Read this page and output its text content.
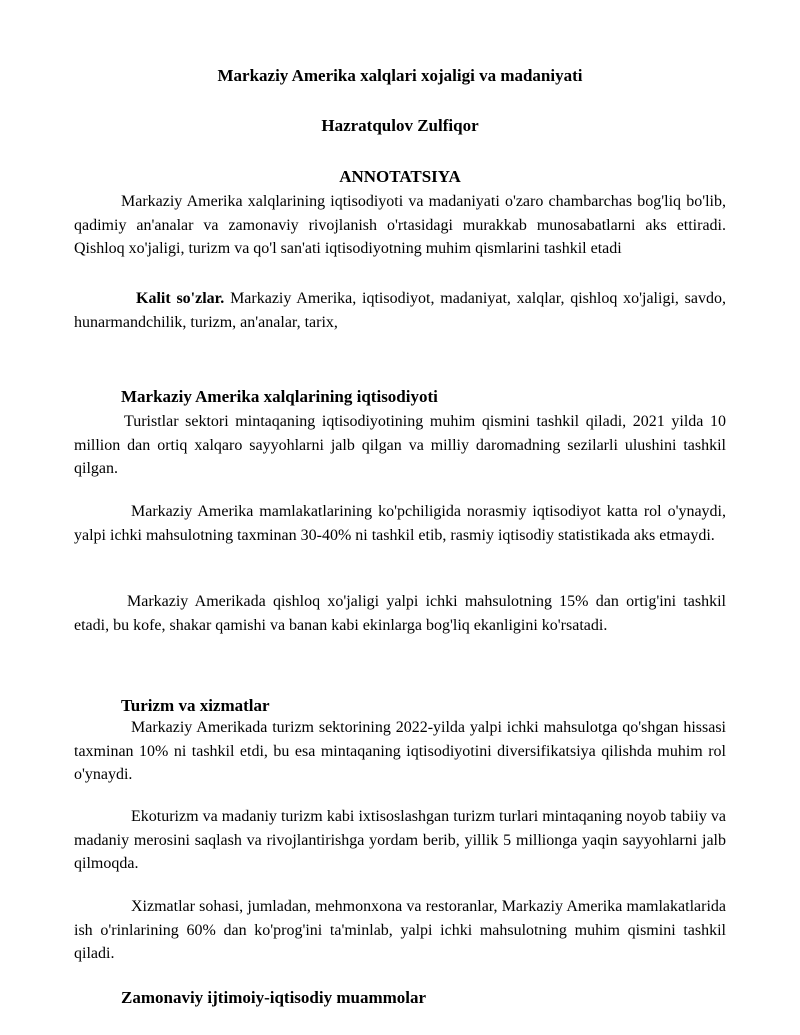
Markaziy Amerika xalqlari xojaligi va madaniyati
Hazratqulov Zulfiqor
ANNOTATSIYA
Markaziy Amerika xalqlarining iqtisodiyoti va madaniyati o'zaro chambarchas bog'liq bo'lib, qadimiy an'analar va zamonaviy rivojlanish o'rtasidagi murakkab munosabatlarni aks ettiradi. Qishloq xo'jaligi, turizm va qo'l san'ati iqtisodiyotning muhim qismlarini tashkil etadi
Kalit so'zlar. Markaziy Amerika, iqtisodiyot, madaniyat, xalqlar, qishloq xo'jaligi, savdo, hunarmandchilik, turizm, an'analar, tarix,
Markaziy Amerika xalqlarining iqtisodiyoti
Turistlar sektori mintaqaning iqtisodiyotining muhim qismini tashkil qiladi, 2021 yilda 10 million dan ortiq xalqaro sayyohlarni jalb qilgan va milliy daromadning sezilarli ulushini tashkil qilgan.
Markaziy Amerika mamlakatlarining ko'pchiligida norasmiy iqtisodiyot katta rol o'ynaydi, yalpi ichki mahsulotning taxminan 30-40% ni tashkil etib, rasmiy iqtisodiy statistikada aks etmaydi.
Markaziy Amerikada qishloq xo'jaligi yalpi ichki mahsulotning 15% dan ortig'ini tashkil etadi, bu kofe, shakar qamishi va banan kabi ekinlarga bog'liq ekanligini ko'rsatadi.
Turizm va xizmatlar
Markaziy Amerikada turizm sektorining 2022-yilda yalpi ichki mahsulotga qo'shgan hissasi taxminan 10% ni tashkil etdi, bu esa mintaqaning iqtisodiyotini diversifikatsiya qilishda muhim rol o'ynaydi.
Ekoturizm va madaniy turizm kabi ixtisoslashgan turizm turlari mintaqaning noyob tabiiy va madaniy merosini saqlash va rivojlantirishga yordam berib, yillik 5 millionga yaqin sayyohlarni jalb qilmoqda.
Xizmatlar sohasi, jumladan, mehmonxona va restoranlar, Markaziy Amerika mamlakatlarida ish o'rinlarining 60% dan ko'prog'ini ta'minlab, yalpi ichki mahsulotning muhim qismini tashkil qiladi.
Zamonaviy ijtimoiy-iqtisodiy muammolar
